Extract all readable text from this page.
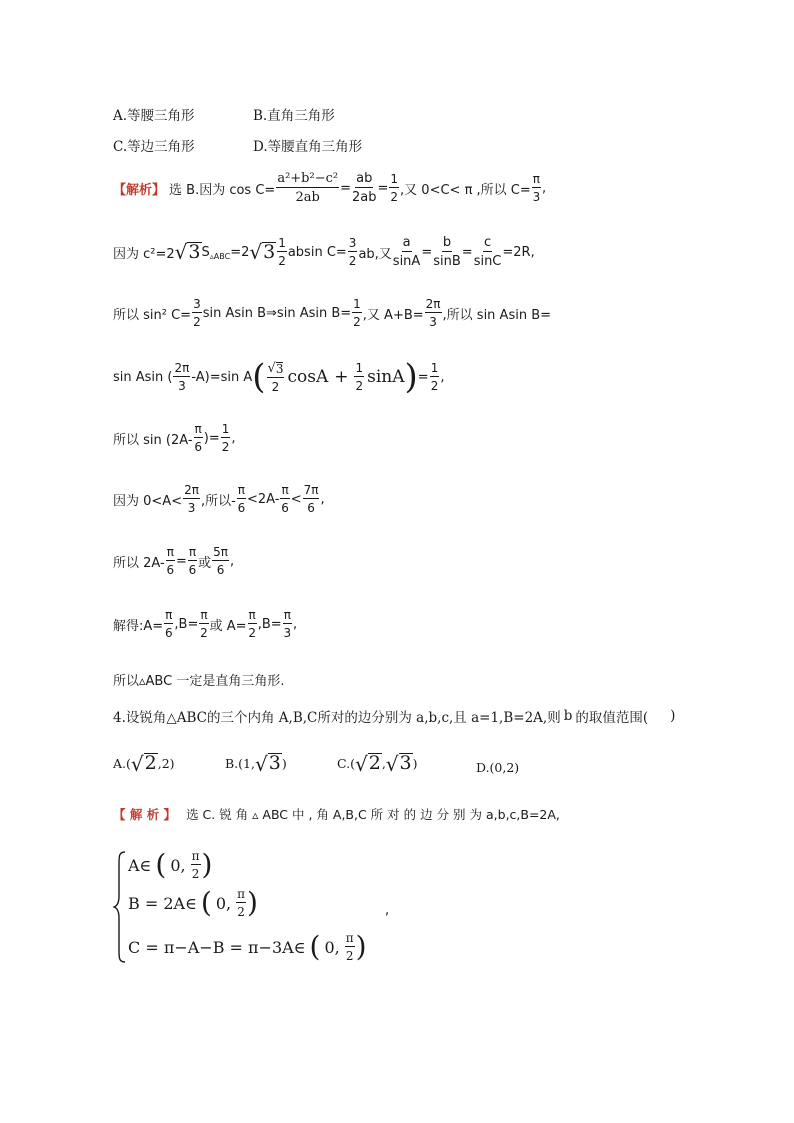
A.等腰三角形	B.直角三角形
C.等边三角形	D.等腰直角三角形
【解析】 选 B.因为 $\cos C= \frac{\text{a²+b²−c²}}{2ab} = \frac{ab}{2ab} = \frac{1}{2}$ ,又 0<C< π ,所以 $C= \frac{\pi}{3}$ ,
因为 c²=2 √ 3 S ▵ABC =2 √ $3 \frac{1}{2}$ absin $C= \frac{3}{2}$ ab,又 $\frac{a}{\sin A} = \frac{b}{\sin B} = \frac{c}{\sin C} =2R$,
所以 sin² $C= \frac{3}{2}$ sin Asin B⇒sin Asin $B= \frac{1}{2}$ ,又 $A+B= \frac{2\pi}{3}$ ,所以 sin Asin B=
sin Asin ( $\frac{2\pi}{3} -A)=\sin$ A ( $\frac{√ 3}{2}$ $\cos A + \frac{1}{2}$ sinA ) = $\frac{1}{2}$ ,
所以 $\sin (2A- \frac{\pi}{6}$ )= $\frac{1}{2}$ ,
因为 $0<A< \frac{2\pi}{3}$ ,所以- $\frac{\pi}{6} <2A- \frac{\pi}{6} < \frac{7\pi}{6}$ ,
所以 $2A- \frac{\pi}{6} = \frac{\pi}{6}$ 或 $\frac{5\pi}{6}$ ,
解得:A= $\frac{\pi}{6} ,B= \frac{\pi}{2}$ 或 $A= \frac{\pi}{2} ,B= \frac{\pi}{3}$ ,
所以▵ABC 一定是直角三角形.
4.设锐角△ABC的三个内角 A,B,C所对的边分别为 a,b,c,且 a=1,B=2A,则 b 的取值范围( )
A.( √ 2 ,2)	B.(1, √ 3 )	C.( √ 2 , √ 3 )	D.(0,2)
【 解 析 】 选 C. 锐 角 ▵ ABC 中 , 角 A,B,C 所 对 的 边 分 别 为 a,b,c,B=2A,
A∈ ( 0, $\frac{\pi}{2}$ )
B = 2A∈ ( 0, $\frac{\pi}{2}$ )	,
C = π−A−B = π−3A∈ ( 0, $\frac{\pi}{2}$ )
